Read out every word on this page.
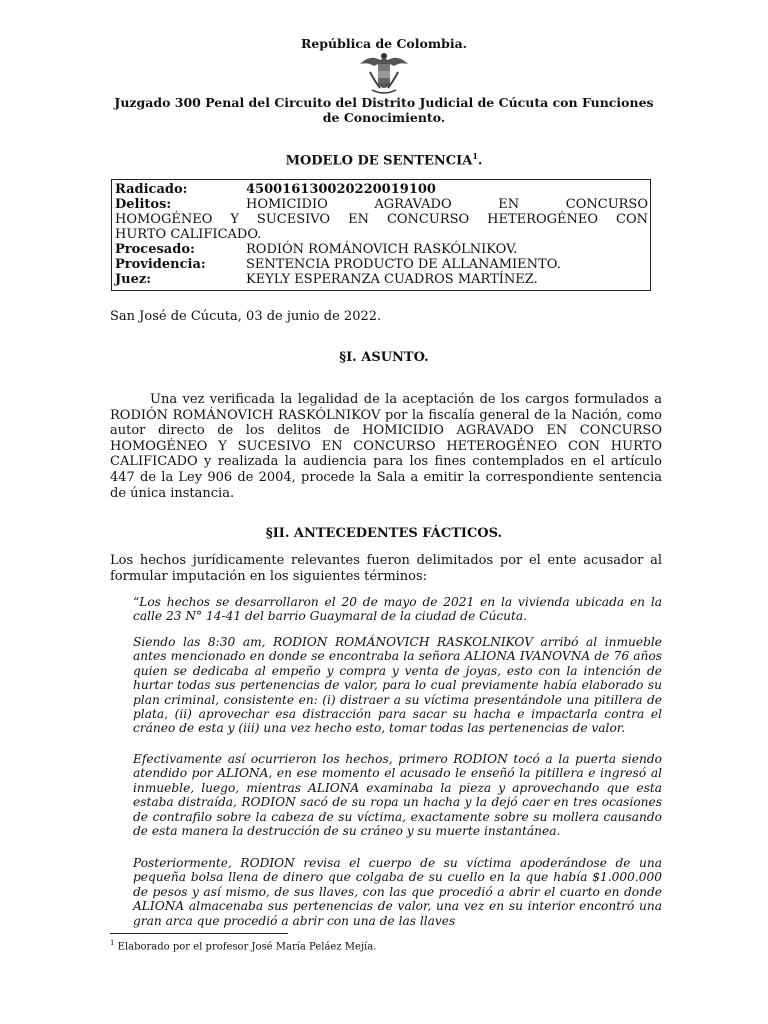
República de Colombia.
Juzgado 300 Penal del Circuito del Distrito Judicial de Cúcuta con Funciones de Conocimiento.
MODELO DE SENTENCIA$^1$.
Radicado:	450016130020220019100
Delitos:	HOMICIDIO AGRAVADO EN CONCURSO
HOMOGÉNEO Y SUCESIVO EN CONCURSO HETEROGÉNEO CON
HURTO CALIFICADO.
Procesado:	RODIÓN ROMÁNOVICH RASKÓLNIKOV.
Providencia:	SENTENCIA PRODUCTO DE ALLANAMIENTO.
Juez:	KEYLY ESPERANZA CUADROS MARTÍNEZ.
San José de Cúcuta, 03 de junio de 2022.
§I. ASUNTO.
Una vez verificada la legalidad de la aceptación de los cargos formulados a RODIÓN ROMÁNOVICH RASKÓLNIKOV por la fiscalía general de la Nación, como autor directo de los delitos de HOMICIDIO AGRAVADO EN CONCURSO HOMOGÉNEO Y SUCESIVO EN CONCURSO HETEROGÉNEO CON HURTO CALIFICADO y realizada la audiencia para los fines contemplados en el artículo 447 de la Ley 906 de 2004, procede la Sala a emitir la correspondiente sentencia de única instancia.
§II. ANTECEDENTES FÁCTICOS.
Los hechos jurídicamente relevantes fueron delimitados por el ente acusador al formular imputación en los siguientes términos:
“Los hechos se desarrollaron el 20 de mayo de 2021 en la vivienda ubicada en la calle 23 N° 14-41 del barrio Guaymaral de la ciudad de Cúcuta.
Siendo las 8:30 am, RODION ROMÁNOVICH RASKOLNIKOV arribó al inmueble antes mencionado en donde se encontraba la señora ALIONA IVANOVNA de 76 años quien se dedicaba al empeño y compra y venta de joyas, esto con la intención de hurtar todas sus pertenencias de valor, para lo cual previamente había elaborado su plan criminal, consistente en: (i) distraer a su víctima presentándole una pitillera de plata, (ii) aprovechar esa distracción para sacar su hacha e impactarla contra el cráneo de esta y (iii) una vez hecho esto, tomar todas las pertenencias de valor.
Efectivamente así ocurrieron los hechos, primero RODION tocó a la puerta siendo atendido por ALIONA, en ese momento el acusado le enseñó la pitillera e ingresó al inmueble, luego, mientras ALIONA examinaba la pieza y aprovechando que esta estaba distraída, RODION sacó de su ropa un hacha y la dejó caer en tres ocasiones de contrafilo sobre la cabeza de su víctima, exactamente sobre su mollera causando de esta manera la destrucción de su cráneo y su muerte instantánea.
Posteriormente, RODION revisa el cuerpo de su víctima apoderándose de una pequeña bolsa llena de dinero que colgaba de su cuello en la que había $1.000.000 de pesos y así mismo, de sus llaves, con las que procedió a abrir el cuarto en donde ALIONA almacenaba sus pertenencias de valor, una vez en su interior encontró una gran arca que procedió a abrir con una de las llaves
$^1$ Elaborado por el profesor José María Peláez Mejía.
